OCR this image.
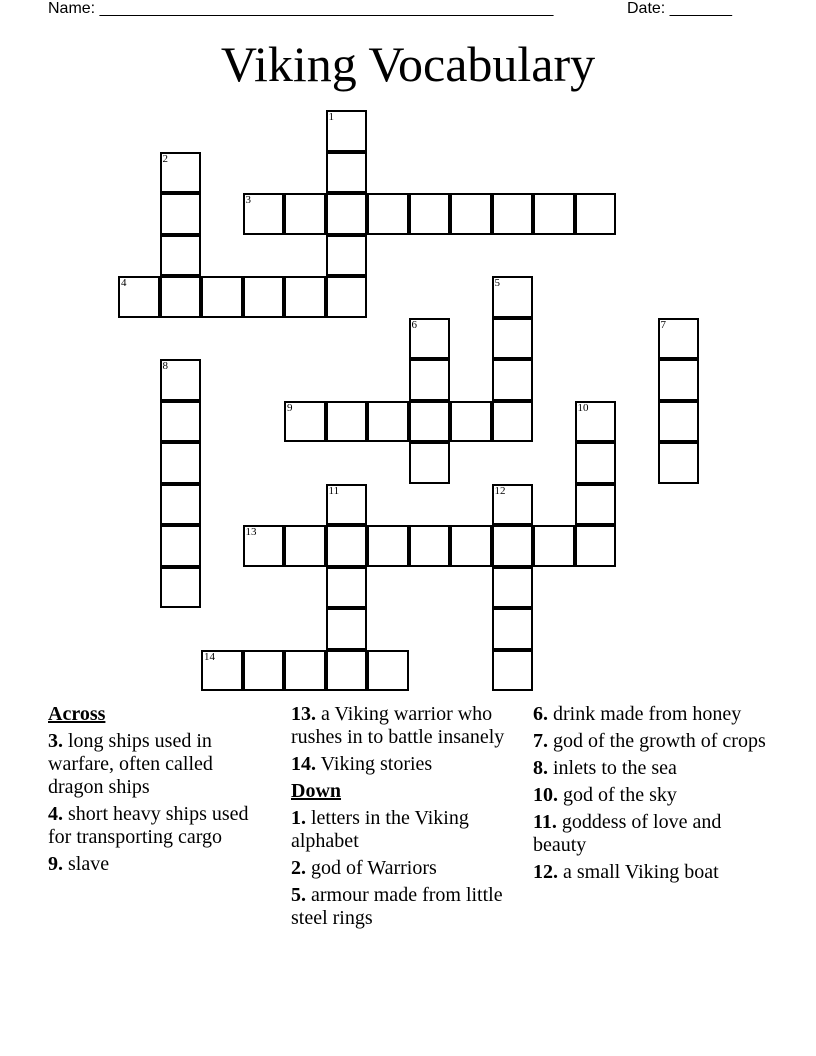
Name: ___________________________________________________	Date: _______
Viking Vocabulary
1
2
3
4	5
6	7
8
9	10
11	12
13
14
Across
3. long ships used in warfare, often called dragon ships
4. short heavy ships used for transporting cargo
9. slave
13. a Viking warrior who rushes in to battle insanely
14. Viking stories
Down
1. letters in the Viking alphabet
2. god of Warriors
5. armour made from little steel rings
6. drink made from honey
7. god of the growth of crops
8. inlets to the sea
10. god of the sky
11. goddess of love and beauty
12. a small Viking boat
